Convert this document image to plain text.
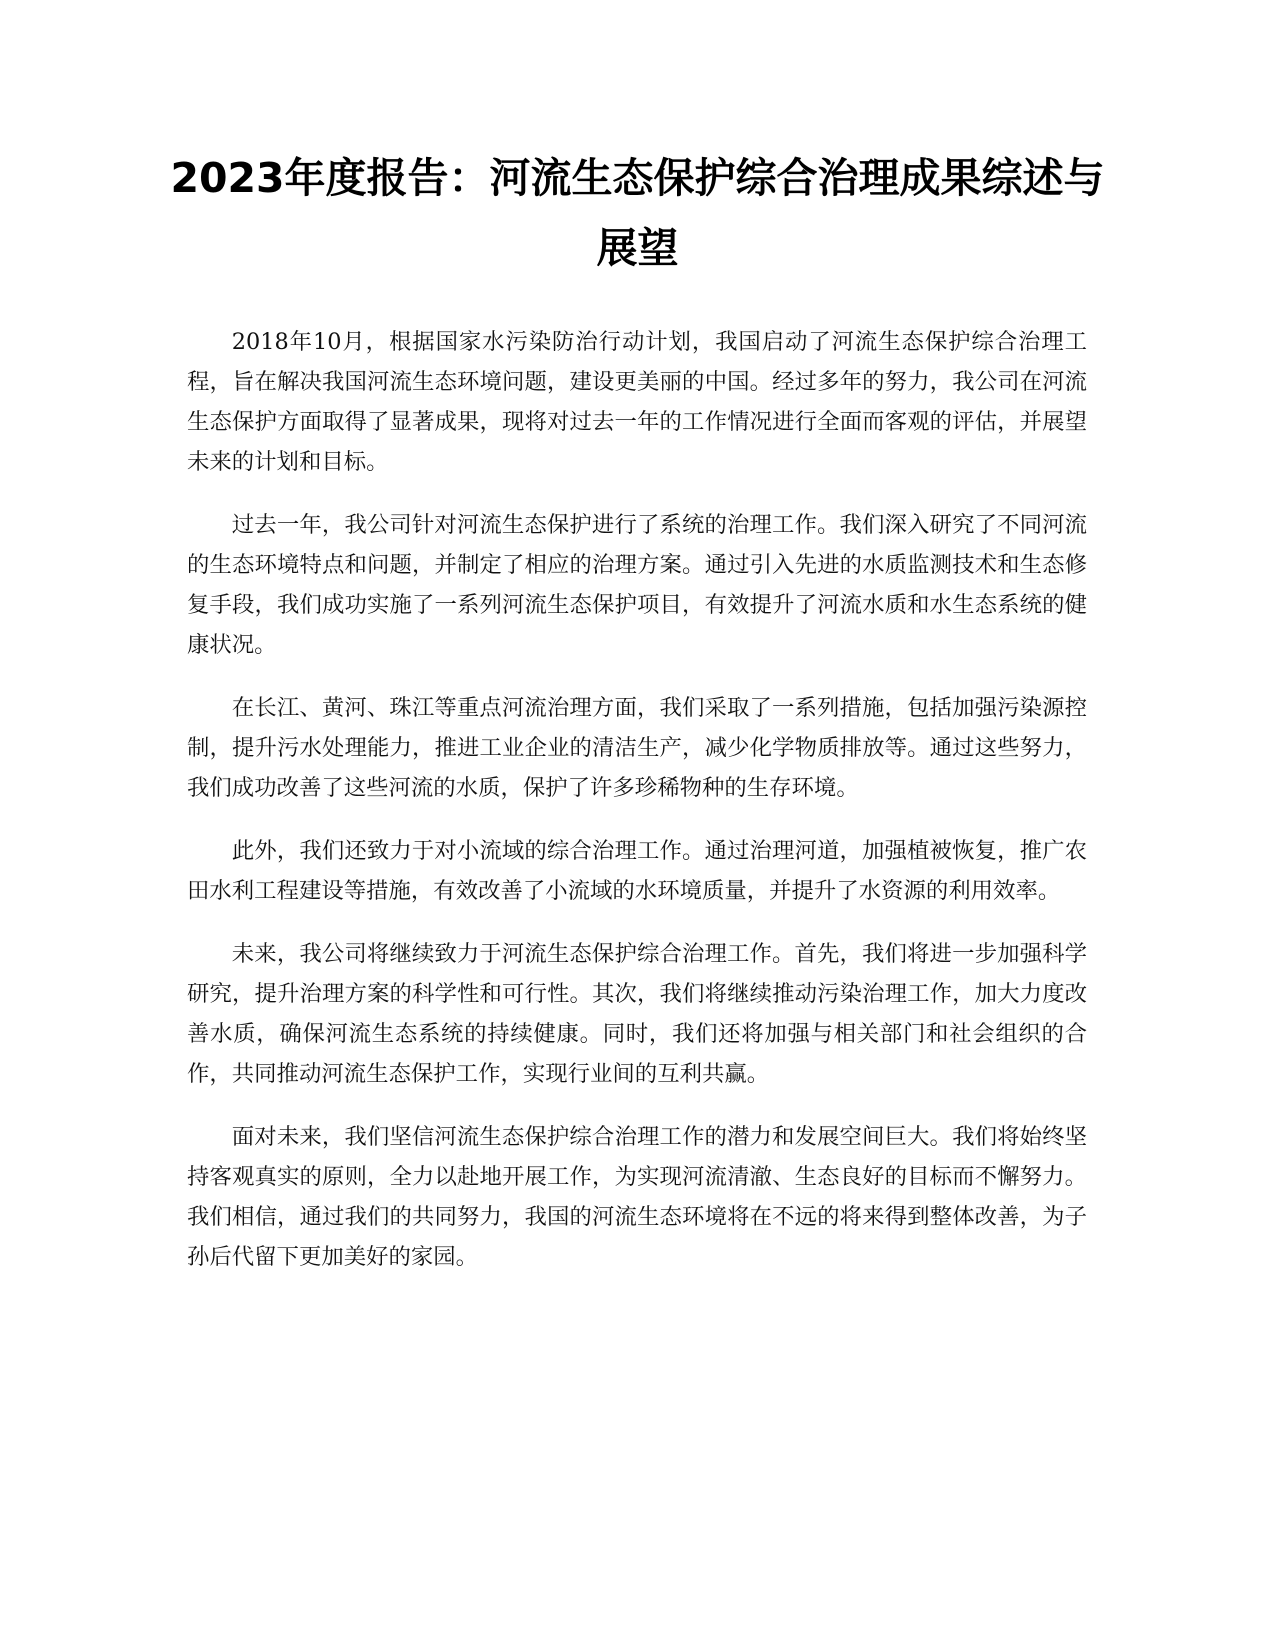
2023年度报告：河流生态保护综合治理成果综述与展望

2018年10月，根据国家水污染防治行动计划，我国启动了河流生态保护综合治理工程，旨在解决我国河流生态环境问题，建设更美丽的中国。经过多年的努力，我公司在河流生态保护方面取得了显著成果，现将对过去一年的工作情况进行全面而客观的评估，并展望未来的计划和目标。

过去一年，我公司针对河流生态保护进行了系统的治理工作。我们深入研究了不同河流的生态环境特点和问题，并制定了相应的治理方案。通过引入先进的水质监测技术和生态修复手段，我们成功实施了一系列河流生态保护项目，有效提升了河流水质和水生态系统的健康状况。

在长江、黄河、珠江等重点河流治理方面，我们采取了一系列措施，包括加强污染源控制，提升污水处理能力，推进工业企业的清洁生产，减少化学物质排放等。通过这些努力，我们成功改善了这些河流的水质，保护了许多珍稀物种的生存环境。

此外，我们还致力于对小流域的综合治理工作。通过治理河道，加强植被恢复，推广农田水利工程建设等措施，有效改善了小流域的水环境质量，并提升了水资源的利用效率。

未来，我公司将继续致力于河流生态保护综合治理工作。首先，我们将进一步加强科学研究，提升治理方案的科学性和可行性。其次，我们将继续推动污染治理工作，加大力度改善水质，确保河流生态系统的持续健康。同时，我们还将加强与相关部门和社会组织的合作，共同推动河流生态保护工作，实现行业间的互利共赢。

面对未来，我们坚信河流生态保护综合治理工作的潜力和发展空间巨大。我们将始终坚持客观真实的原则，全力以赴地开展工作，为实现河流清澈、生态良好的目标而不懈努力。我们相信，通过我们的共同努力，我国的河流生态环境将在不远的将来得到整体改善，为子孙后代留下更加美好的家园。
